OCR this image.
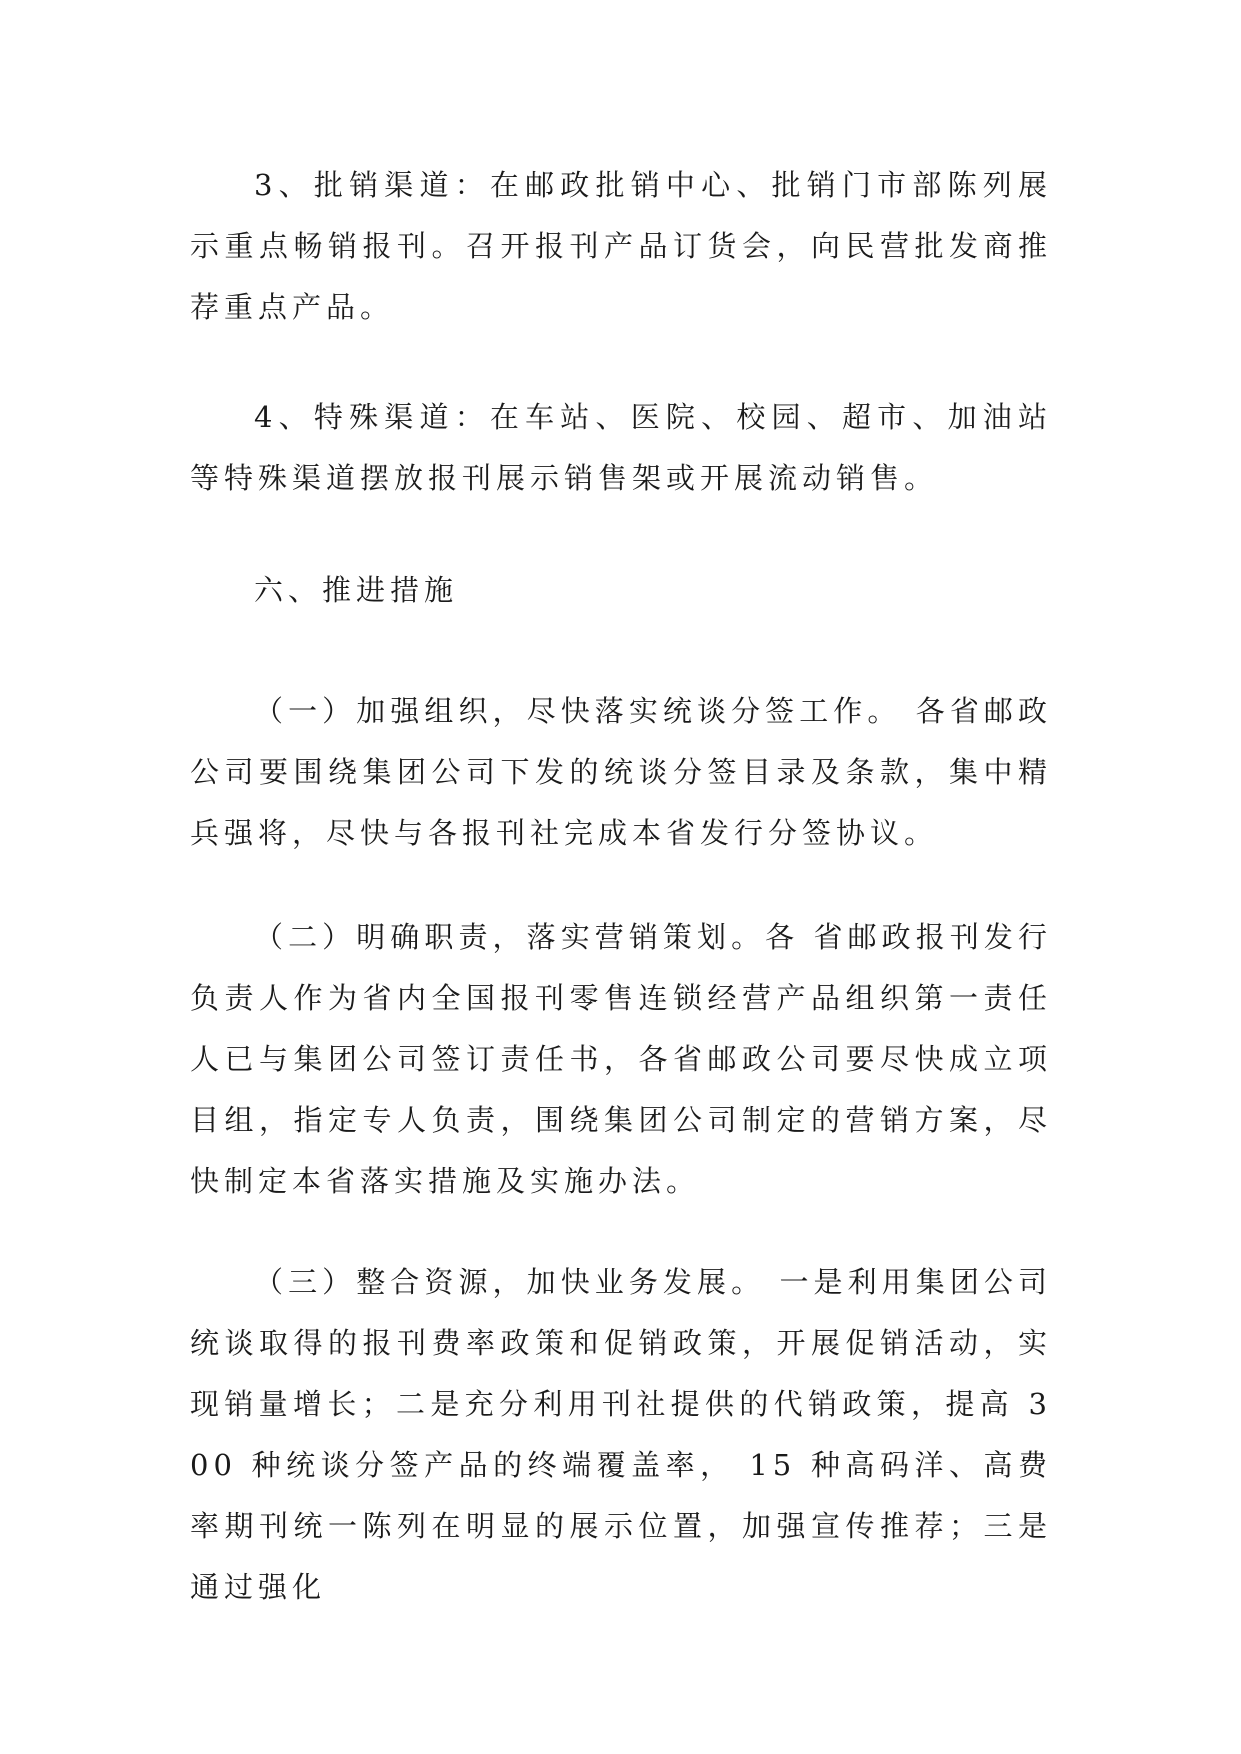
3、批销渠道：在邮政批销中心、批销门市部陈列展示重点畅销报刊。召开报刊产品订货会，向民营批发商推荐重点产品。

4、特殊渠道：在车站、医院、校园、超市、加油站等特殊渠道摆放报刊展示销售架或开展流动销售。

六、推进措施

（一）加强组织，尽快落实统谈分签工作。 各省邮政公司要围绕集团公司下发的统谈分签目录及条款，集中精兵强将，尽快与各报刊社完成本省发行分签协议。

（二）明确职责，落实营销策划。各 省邮政报刊发行负责人作为省内全国报刊零售连锁经营产品组织第一责任人已与集团公司签订责任书，各省邮政公司要尽快成立项目组，指定专人负责，围绕集团公司制定的营销方案，尽快制定本省落实措施及实施办法。

（三）整合资源，加快业务发展。 一是利用集团公司统谈取得的报刊费率政策和促销政策，开展促销活动，实现销量增长；二是充分利用刊社提供的代销政策，提高 300 种统谈分签产品的终端覆盖率， 15 种高码洋、高费率期刊统一陈列在明显的展示位置，加强宣传推荐；三是通过强化
